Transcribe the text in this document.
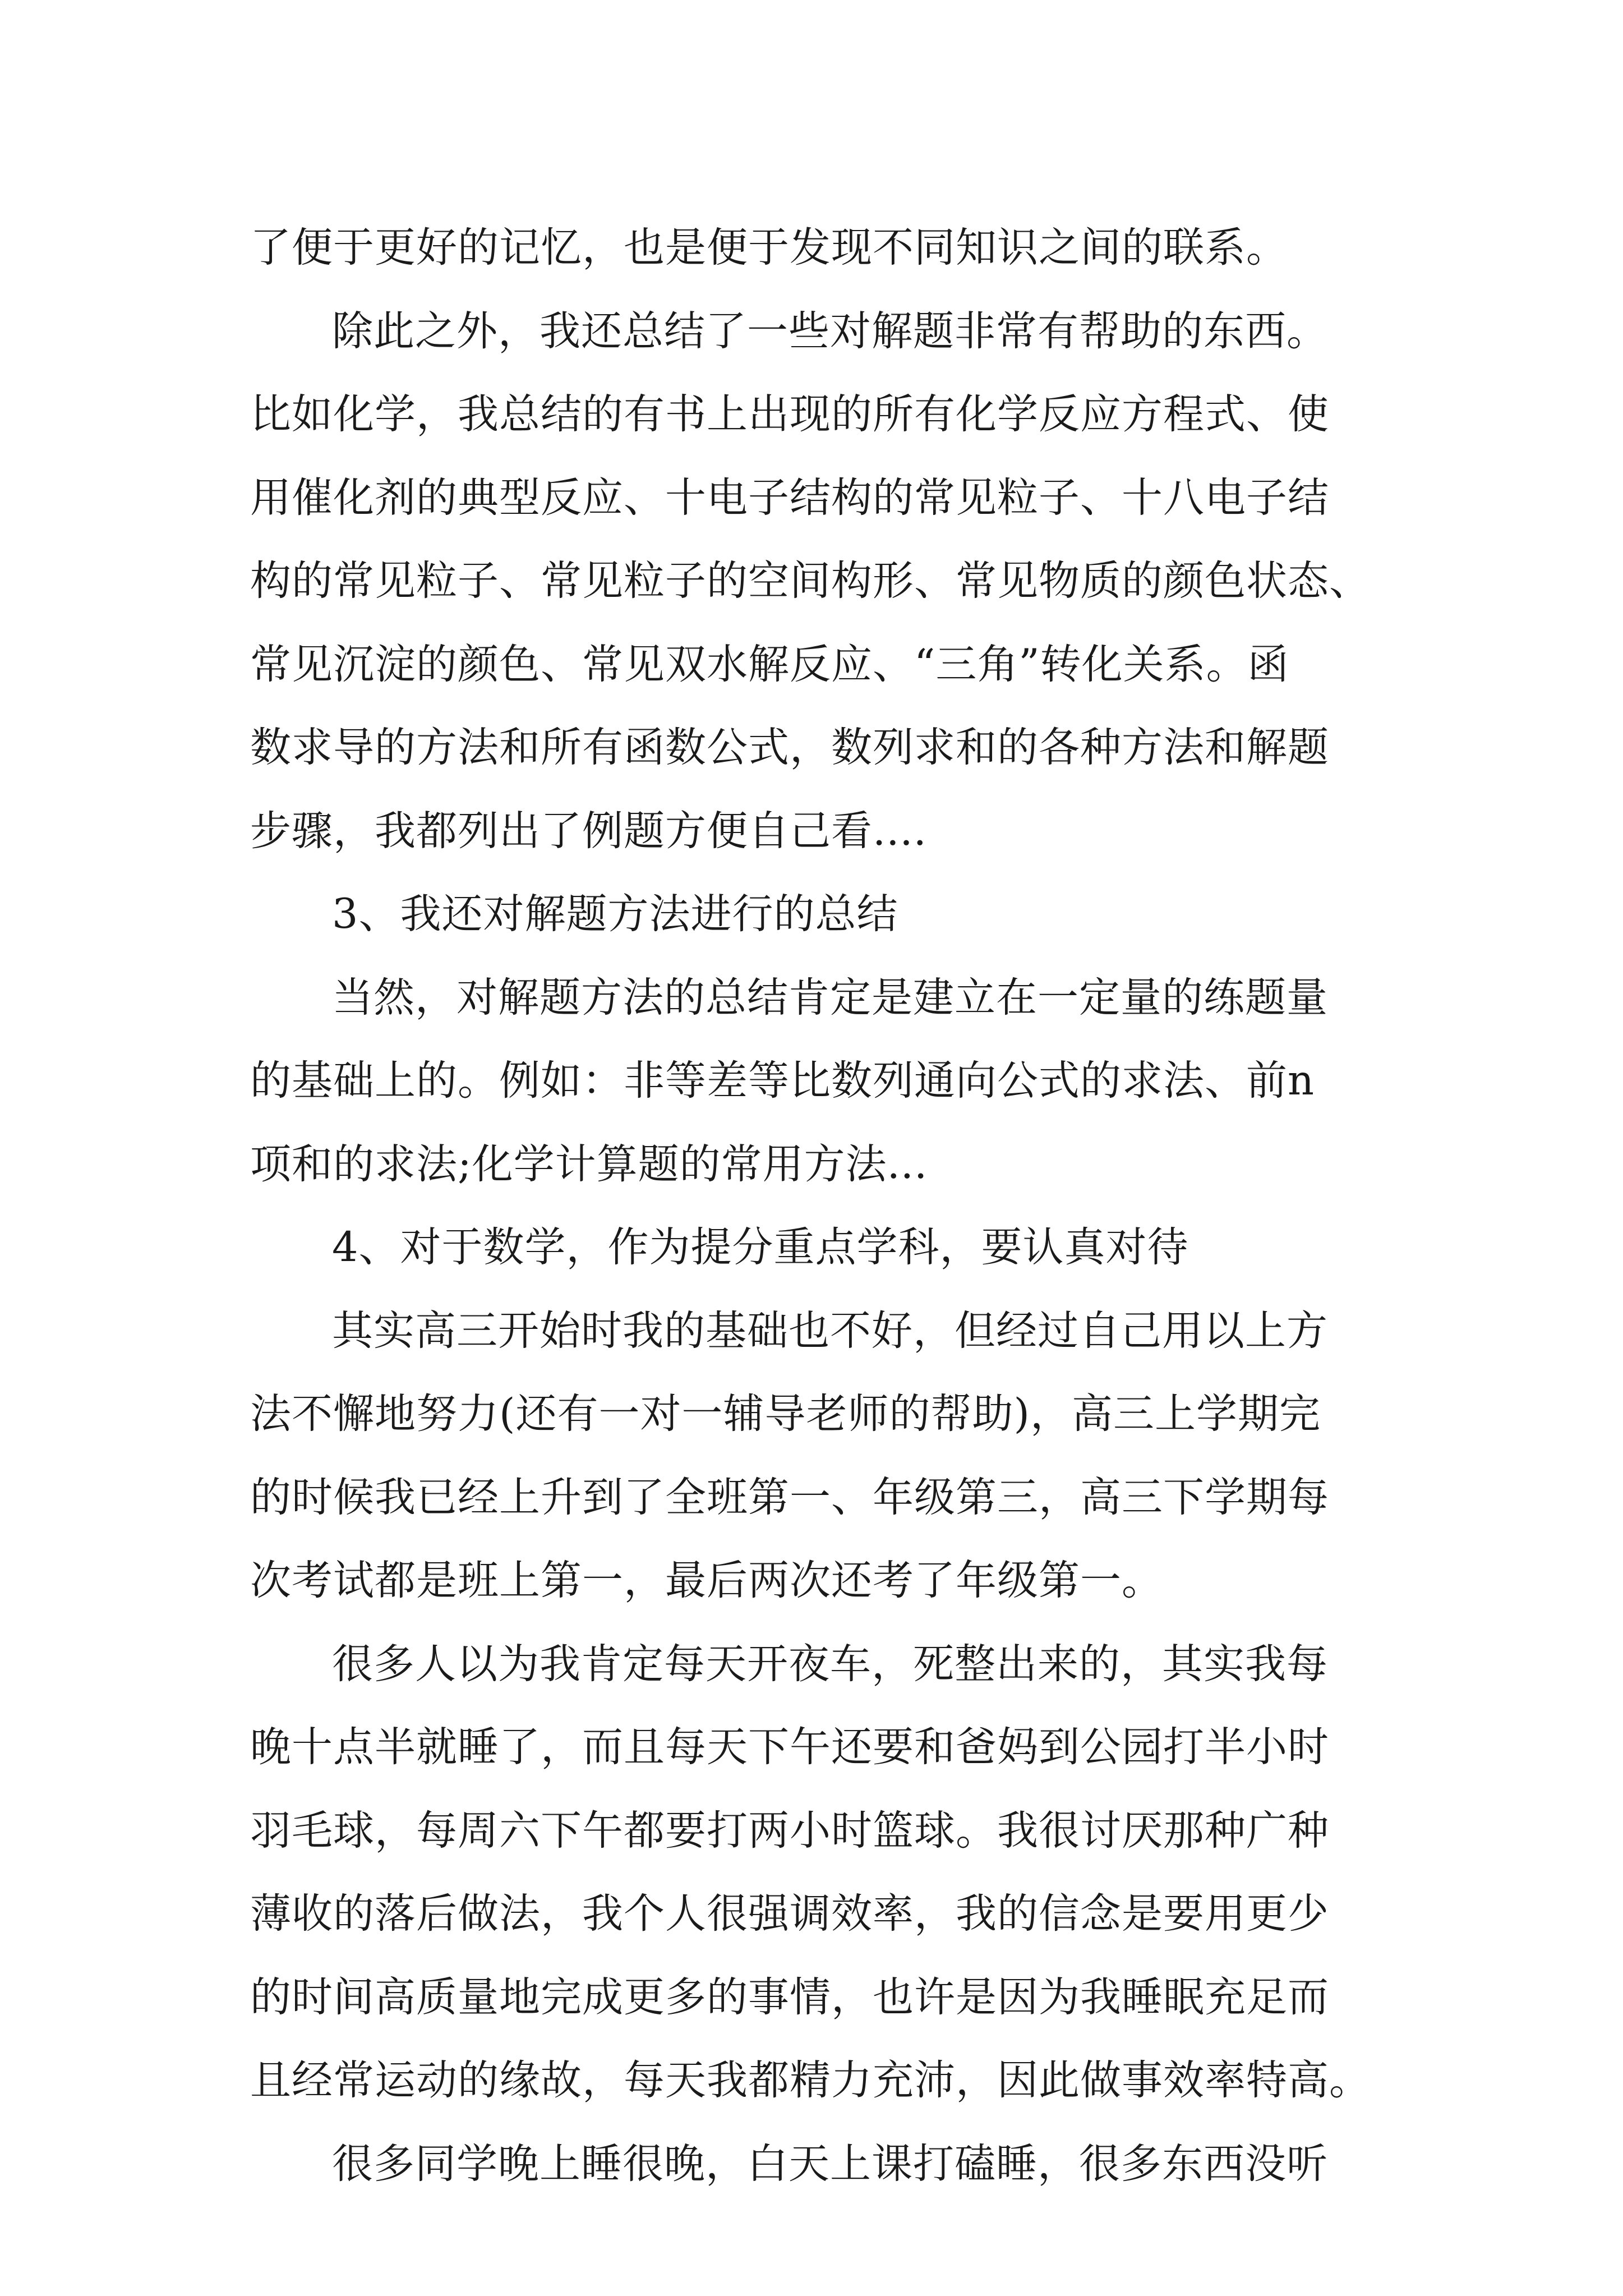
了便于更好的记忆，也是便于发现不同知识之间的联系。
除此之外，我还总结了一些对解题非常有帮助的东西。
比如化学，我总结的有书上出现的所有化学反应方程式、使
用催化剂的典型反应、十电子结构的常见粒子、十八电子结
构的常见粒子、常见粒子的空间构形、常见物质的颜色状态、
常见沉淀的颜色、常见双水解反应、“三角”转化关系。函
数求导的方法和所有函数公式，数列求和的各种方法和解题
步骤，我都列出了例题方便自己看....
3、我还对解题方法进行的总结
当然，对解题方法的总结肯定是建立在一定量的练题量
的基础上的。例如：非等差等比数列通向公式的求法、前n
项和的求法;化学计算题的常用方法...
4、对于数学，作为提分重点学科，要认真对待
其实高三开始时我的基础也不好，但经过自己用以上方
法不懈地努力(还有一对一辅导老师的帮助)，高三上学期完
的时候我已经上升到了全班第一、年级第三，高三下学期每
次考试都是班上第一，最后两次还考了年级第一。
很多人以为我肯定每天开夜车，死整出来的，其实我每
晚十点半就睡了，而且每天下午还要和爸妈到公园打半小时
羽毛球，每周六下午都要打两小时篮球。我很讨厌那种广种
薄收的落后做法，我个人很强调效率，我的信念是要用更少
的时间高质量地完成更多的事情，也许是因为我睡眠充足而
且经常运动的缘故，每天我都精力充沛，因此做事效率特高。
很多同学晚上睡很晚，白天上课打磕睡，很多东西没听
